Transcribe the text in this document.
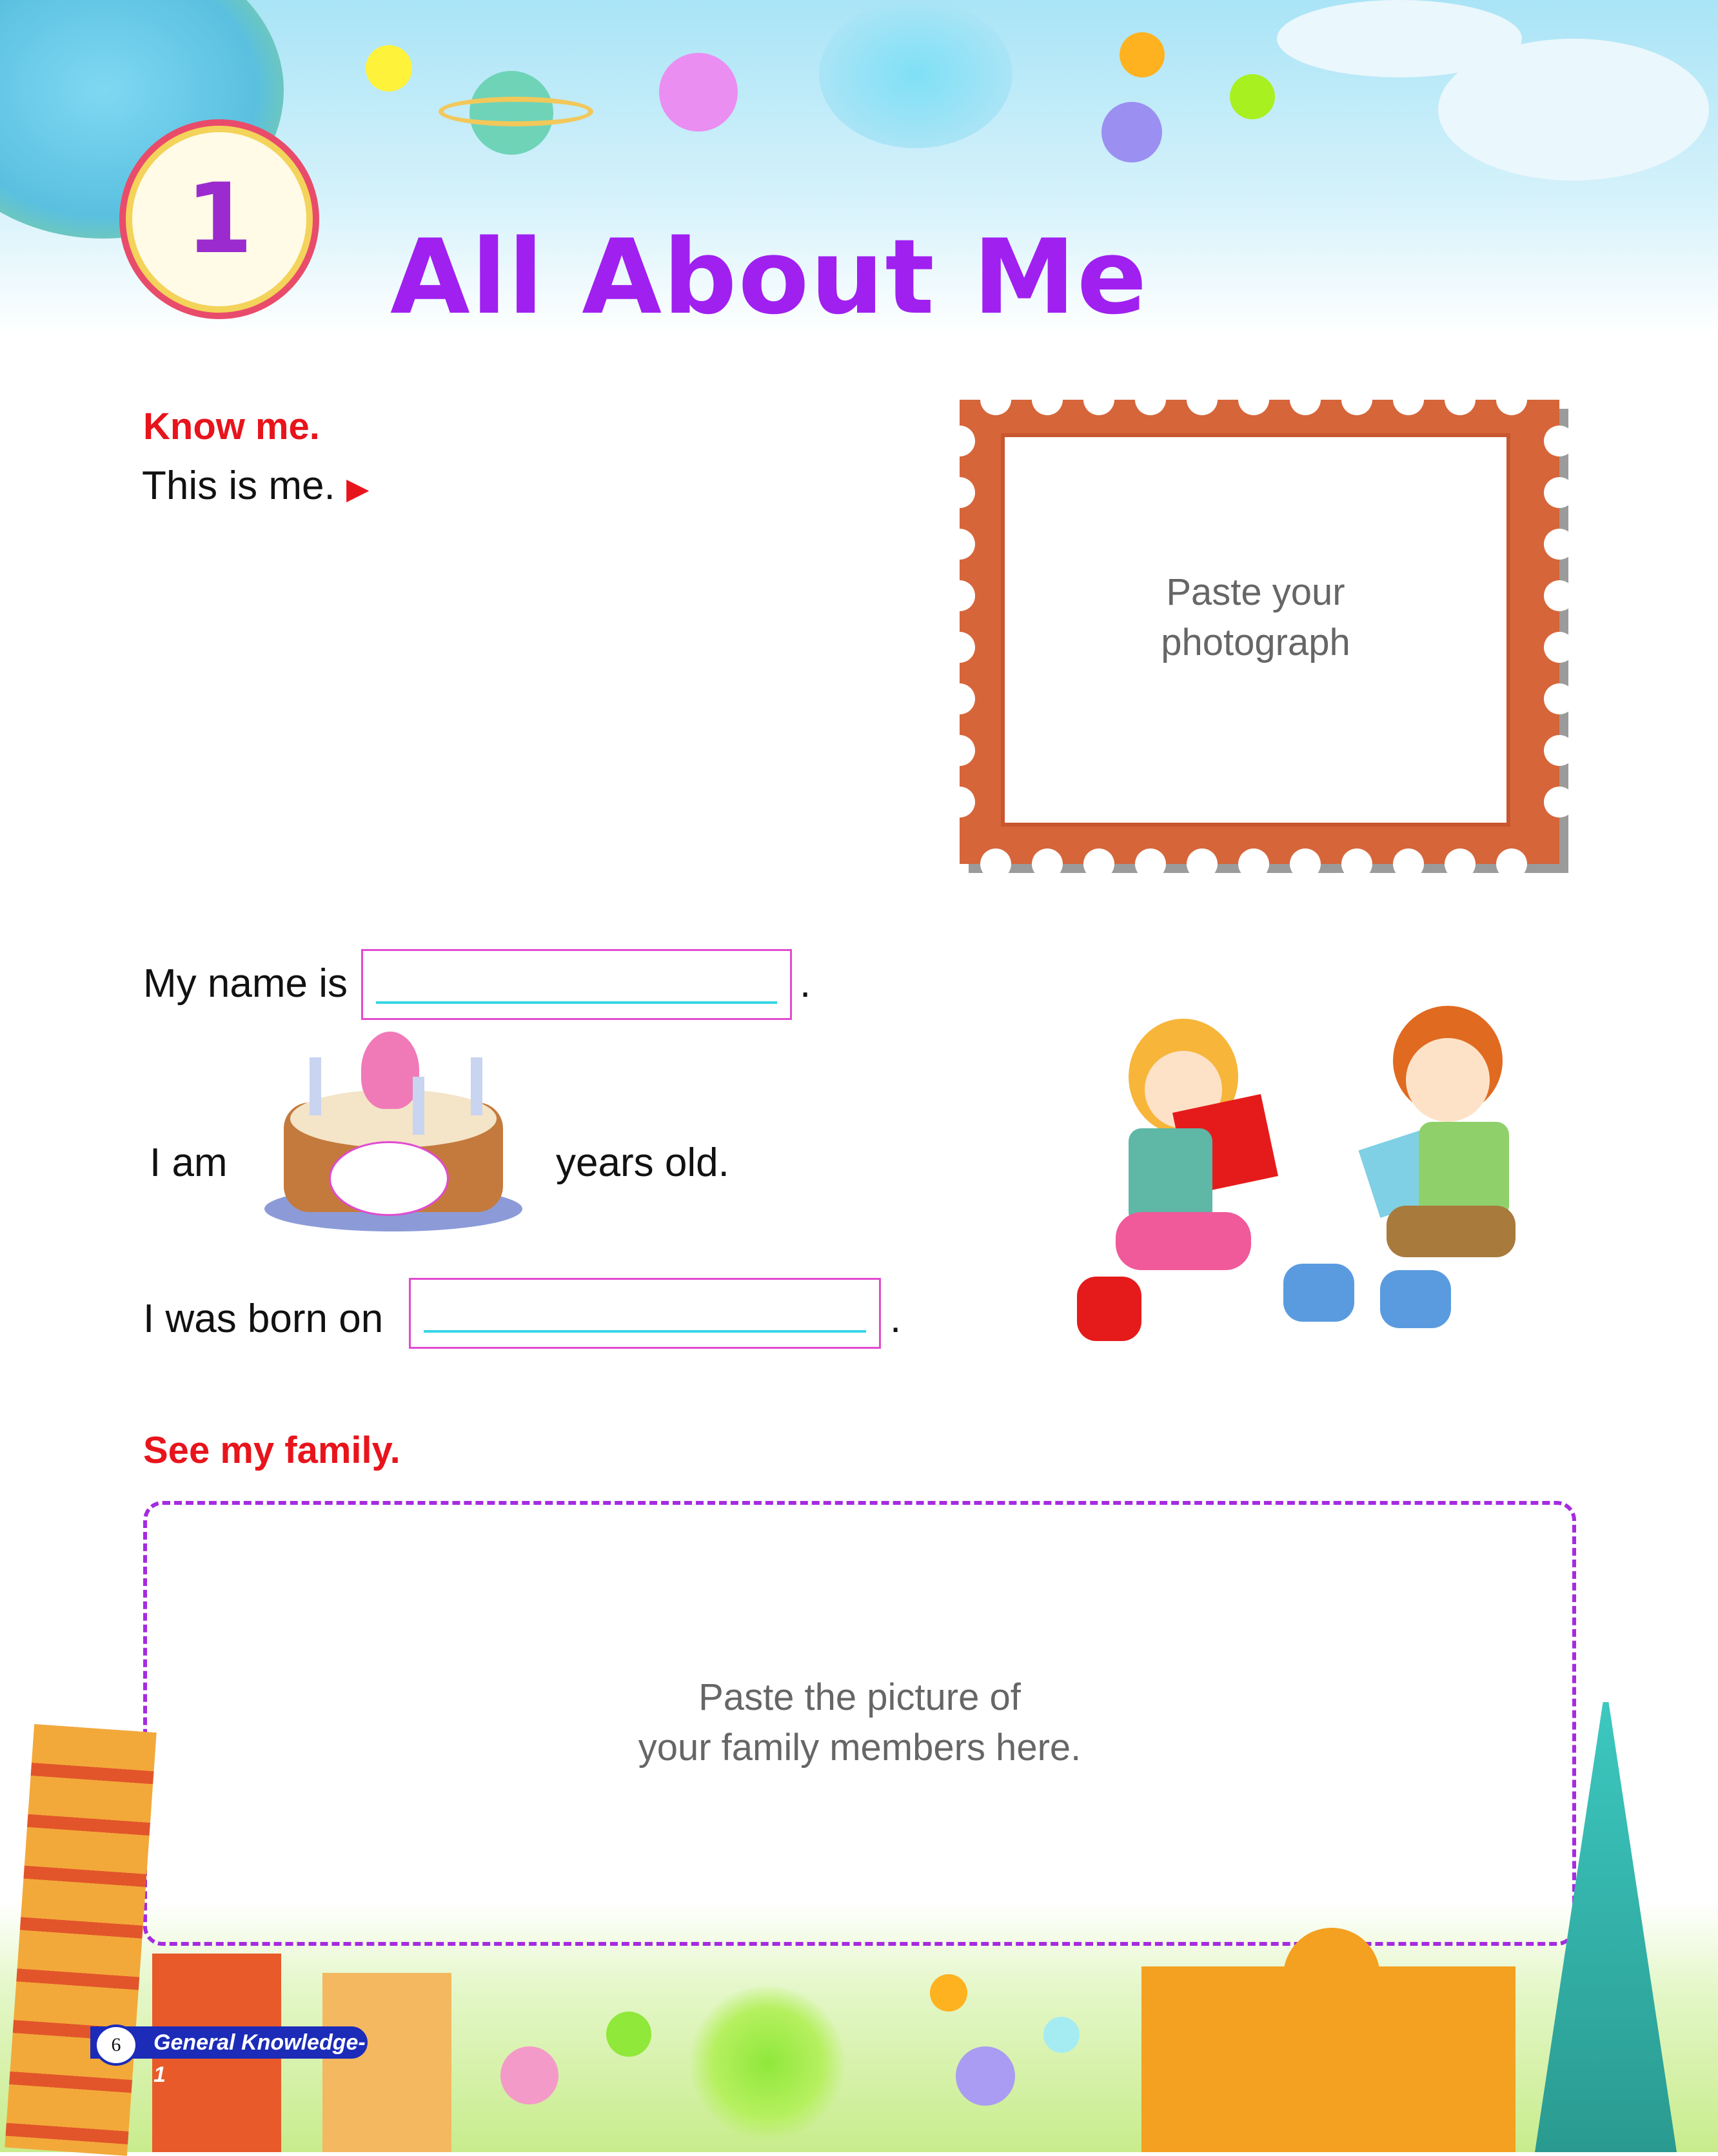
1	All About Me
Know me.
This is me. ▶
Paste your
photograph
My name is	.
I am	years old.
I was born on	.
See my family.
Paste the picture of
your family members here.
General Knowledge-1
6
